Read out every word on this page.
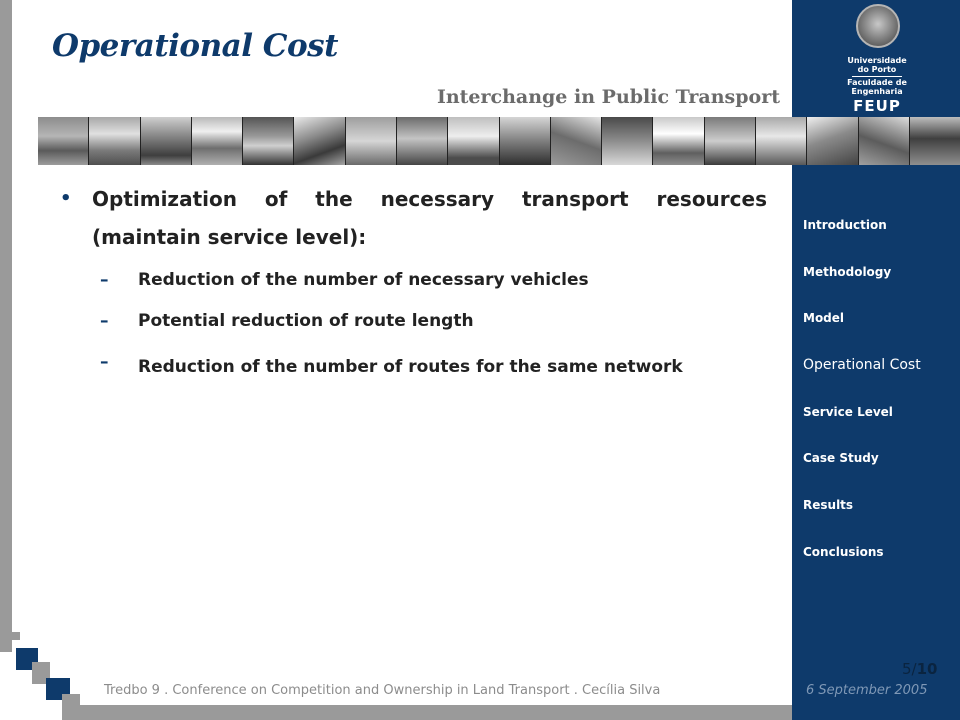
Operational Cost
Interchange in Public Transport
Universidade
do Porto
Faculdade de
Engenharia
FEUP
•	Optimization of the necessary transport resources (maintain service level):
–	Reduction of the number of necessary vehicles
–	Potential reduction of route length
–	Reduction of the number of routes for the same network
Introduction
Methodology
Model
Operational Cost
Service Level
Case Study
Results
Conclusions
5/10
Tredbo 9 . Conference on Competition and Ownership in Land Transport . Cecília Silva	6 September 2005
